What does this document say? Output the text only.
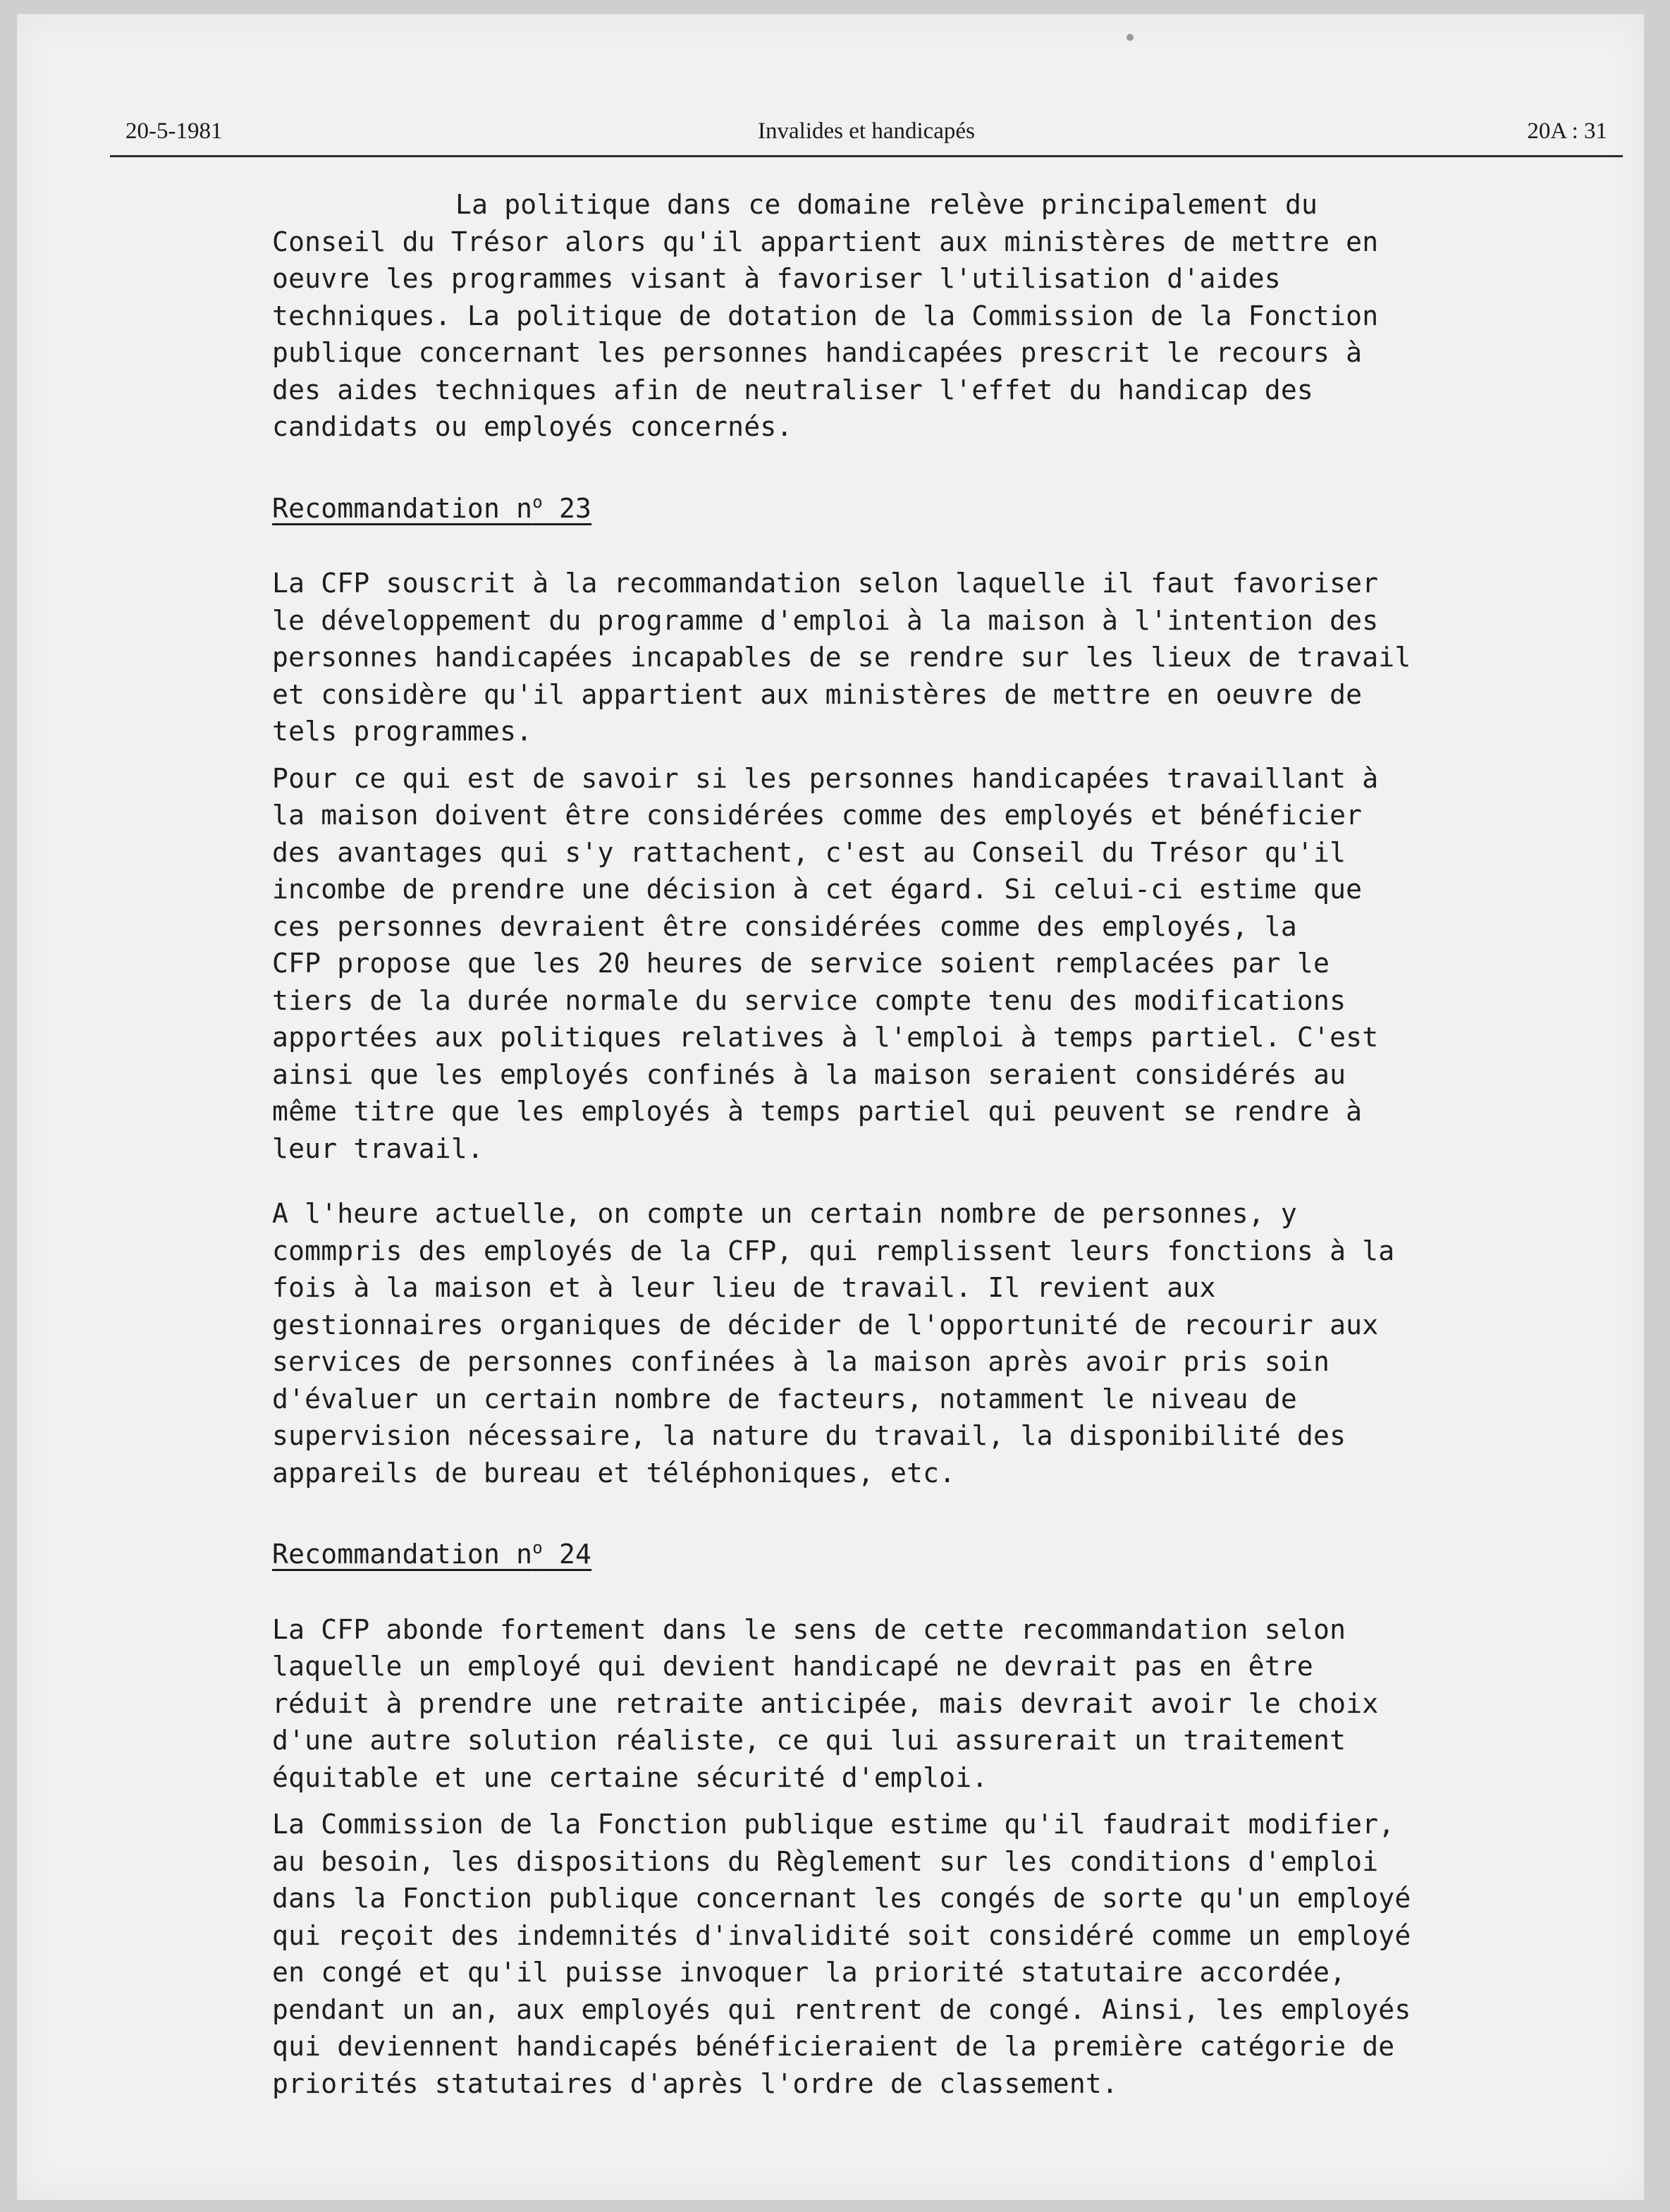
20-5-1981	Invalides et handicapés	20A : 31

La politique dans ce domaine relève principalement du
Conseil du Trésor alors qu'il appartient aux ministères de mettre en
oeuvre les programmes visant à favoriser l'utilisation d'aides
techniques. La politique de dotation de la Commission de la Fonction
publique concernant les personnes handicapées prescrit le recours à
des aides techniques afin de neutraliser l'effet du handicap des
candidats ou employés concernés.

Recommandation $n^o$ 23

La CFP souscrit à la recommandation selon laquelle il faut favoriser
le développement du programme d'emploi à la maison à l'intention des
personnes handicapées incapables de se rendre sur les lieux de travail
et considère qu'il appartient aux ministères de mettre en oeuvre de
tels programmes.

Pour ce qui est de savoir si les personnes handicapées travaillant à
la maison doivent être considérées comme des employés et bénéficier
des avantages qui s'y rattachent, c'est au Conseil du Trésor qu'il
incombe de prendre une décision à cet égard. Si celui-ci estime que
ces personnes devraient être considérées comme des employés, la
CFP propose que les 20 heures de service soient remplacées par le
tiers de la durée normale du service compte tenu des modifications
apportées aux politiques relatives à l'emploi à temps partiel. C'est
ainsi que les employés confinés à la maison seraient considérés au
même titre que les employés à temps partiel qui peuvent se rendre à
leur travail.

A l'heure actuelle, on compte un certain nombre de personnes, y
commpris des employés de la CFP, qui remplissent leurs fonctions à la
fois à la maison et à leur lieu de travail. Il revient aux
gestionnaires organiques de décider de l'opportunité de recourir aux
services de personnes confinées à la maison après avoir pris soin
d'évaluer un certain nombre de facteurs, notamment le niveau de
supervision nécessaire, la nature du travail, la disponibilité des
appareils de bureau et téléphoniques, etc.

Recommandation $n^o$ 24

La CFP abonde fortement dans le sens de cette recommandation selon
laquelle un employé qui devient handicapé ne devrait pas en être
réduit à prendre une retraite anticipée, mais devrait avoir le choix
d'une autre solution réaliste, ce qui lui assurerait un traitement
équitable et une certaine sécurité d'emploi.

La Commission de la Fonction publique estime qu'il faudrait modifier,
au besoin, les dispositions du Règlement sur les conditions d'emploi
dans la Fonction publique concernant les congés de sorte qu'un employé
qui reçoit des indemnités d'invalidité soit considéré comme un employé
en congé et qu'il puisse invoquer la priorité statutaire accordée,
pendant un an, aux employés qui rentrent de congé. Ainsi, les employés
qui deviennent handicapés bénéficieraient de la première catégorie de
priorités statutaires d'après l'ordre de classement.
